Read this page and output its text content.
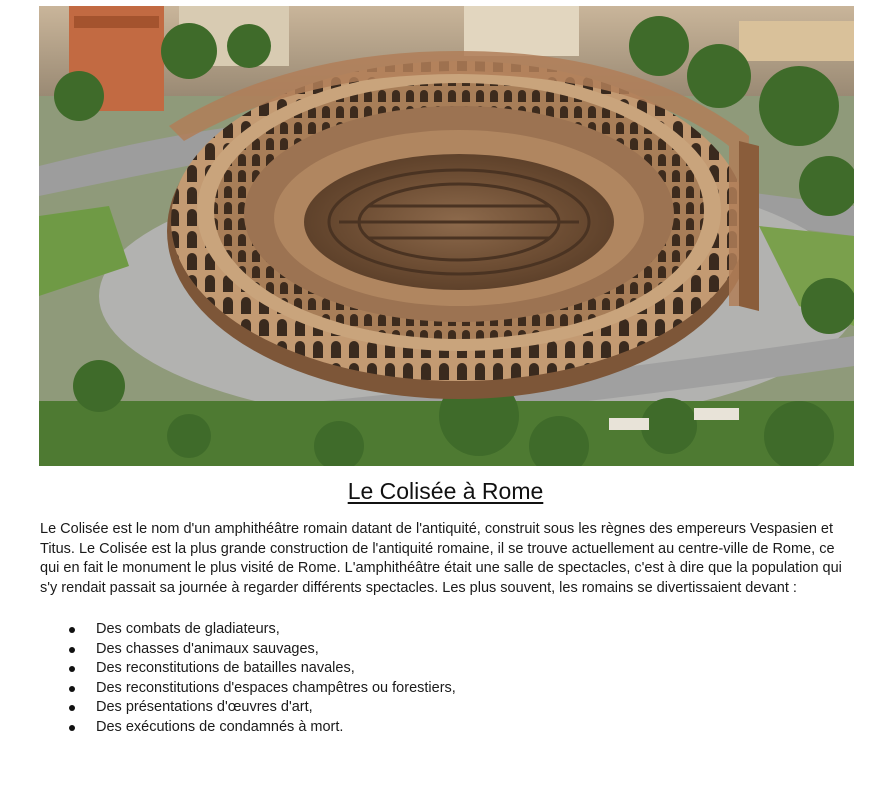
Le Colisée à Rome

Le Colisée est le nom d'un amphithéâtre romain datant de l'antiquité, construit sous les règnes des empereurs Vespasien et Titus. Le Colisée est la plus grande construction de l'antiquité romaine, il se trouve actuellement au centre-ville de Rome, ce qui en fait le monument le plus visité de Rome. L'amphithéâtre était une salle de spectacles, c'est à dire que la population qui s'y rendait passait sa journée à regarder différents spectacles. Les plus souvent, les romains se divertissaient devant :

Des combats de gladiateurs,
Des chasses d'animaux sauvages,
Des reconstitutions de batailles navales,
Des reconstitutions d'espaces champêtres ou forestiers,
Des présentations d'œuvres d'art,
Des exécutions de condamnés à mort.
